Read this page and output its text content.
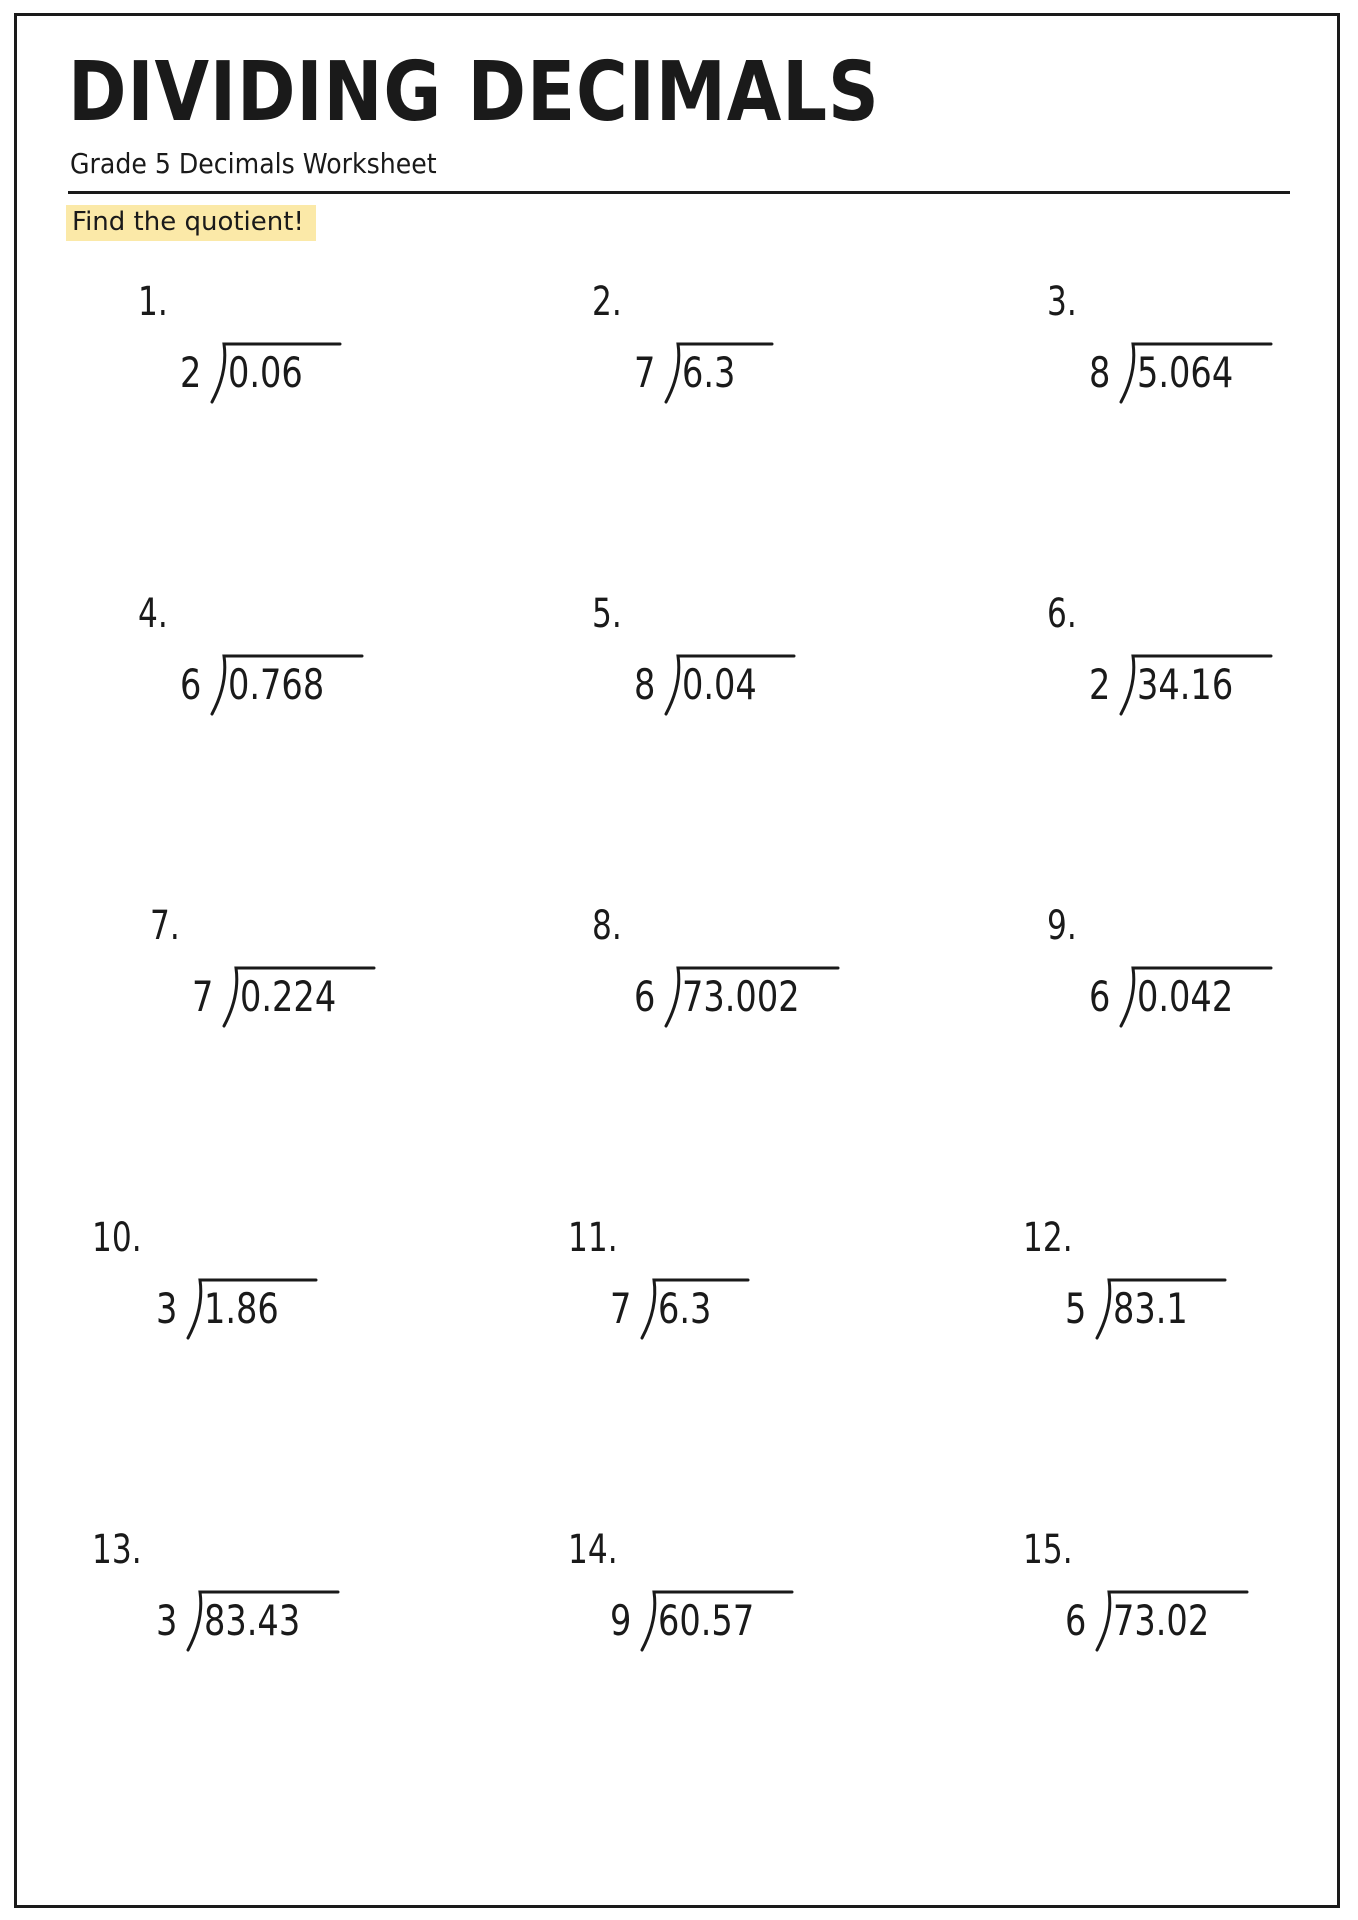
DIVIDING DECIMALS
Grade 5 Decimals Worksheet
Find the quotient!
1.
2 0.06
2.
7 6.3
3.
8 5.064
4.
6 0.768
5.
8 0.04
6.
2 34.16
7.
7 0.224
8.
6 73.002
9.
6 0.042
10.
3 1.86
11.
7 6.3
12.
5 83.1
13.
3 83.43
14.
9 60.57
15.
6 73.02
